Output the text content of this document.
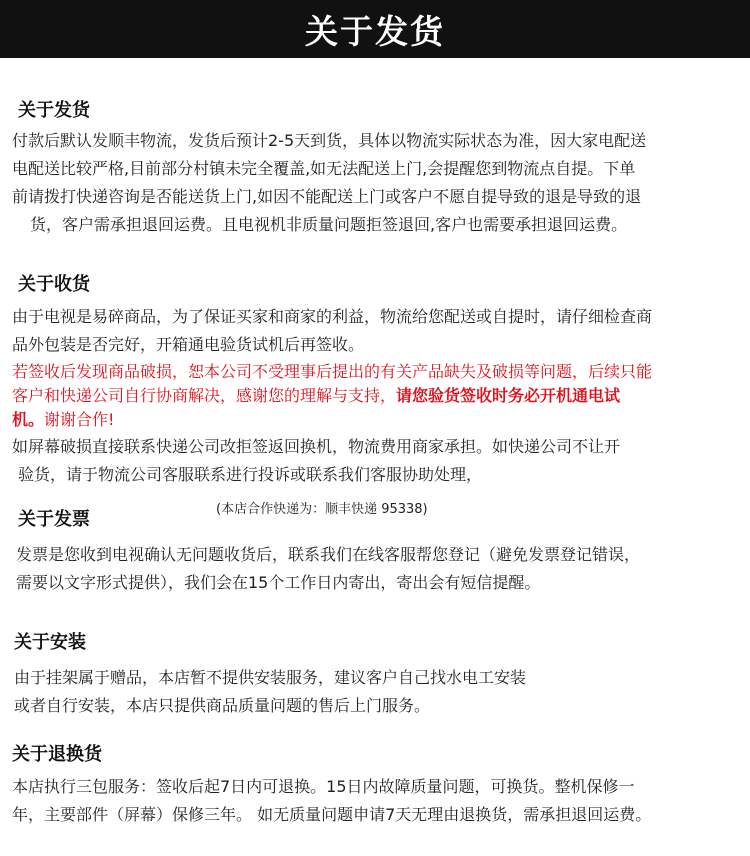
关于发货
关于发货
付款后默认发顺丰物流，发货后预计2-5天到货，具体以物流实际状态为准，因大家电配送
电配送比较严格,目前部分村镇未完全覆盖,如无法配送上门,会提醒您到物流点自提。下单
前请拨打快递咨询是否能送货上门,如因不能配送上门或客户不愿自提导致的退是导致的退
货，客户需承担退回运费。且电视机非质量问题拒签退回,客户也需要承担退回运费。
关于收货
由于电视是易碎商品，为了保证买家和商家的利益，物流给您配送或自提时，请仔细检查商
品外包装是否完好，开箱通电验货试机后再签收。
若签收后发现商品破损，恕本公司不受理事后提出的有关产品缺失及破损等问题，后续只能
客户和快递公司自行协商解决，感谢您的理解与支持，请您验货签收时务必开机通电试
机。谢谢合作!
如屏幕破损直接联系快递公司改拒签返回换机，物流费用商家承担。如快递公司不让开
验货，请于物流公司客服联系进行投诉或联系我们客服协助处理，
关于发票	(本店合作快递为：顺丰快递 95338)
发票是您收到电视确认无问题收货后，联系我们在线客服帮您登记（避免发票登记错误，
需要以文字形式提供），我们会在15个工作日内寄出，寄出会有短信提醒。
关于安装
由于挂架属于赠品，本店暂不提供安装服务，建议客户自己找水电工安装
或者自行安装，本店只提供商品质量问题的售后上门服务。
关于退换货
本店执行三包服务：签收后起7日内可退换。15日内故障质量问题，可换货。整机保修一
年，主要部件（屏幕）保修三年。 如无质量问题申请7天无理由退换货，需承担退回运费。
